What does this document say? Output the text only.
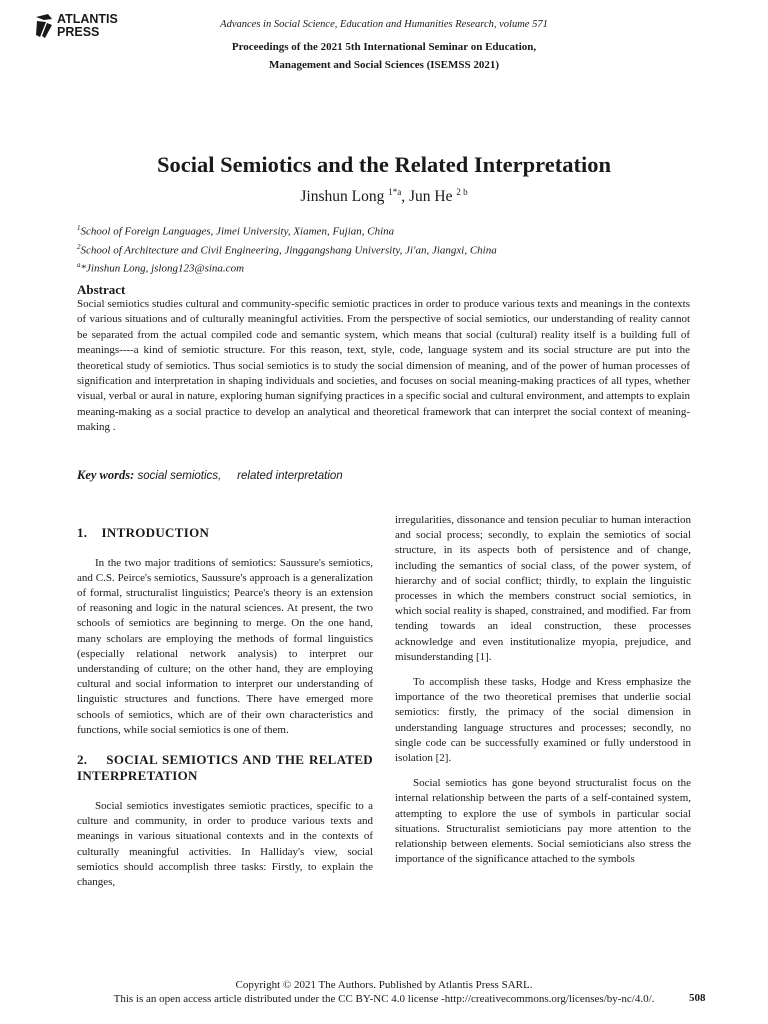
ATLANTIS
PRESS
Advances in Social Science, Education and Humanities Research, volume 571
Proceedings of the 2021 5th International Seminar on Education,
Management and Social Sciences (ISEMSS 2021)
Social Semiotics and the Related Interpretation
Jinshun Long $^{1*a}$, Jun He $^{2 b}$
$^1$School of Foreign Languages, Jimei University, Xiamen, Fujian, China
$^2$School of Architecture and Civil Engineering, Jinggangshang University, Ji'an, Jiangxi, China
$^a$*Jinshun Long, jslong123@sina.com
Abstract
Social semiotics studies cultural and community-specific semiotic practices in order to produce various texts and meanings in the contexts of various situations and of culturally meaningful activities. From the perspective of social semiotics, our understanding of reality cannot be separated from the actual compiled code and semantic system, which means that social (cultural) reality itself is a building full of meanings----a kind of semiotic structure. For this reason, text, style, code, language system and its social structure are put into the theoretical study of semiotics. Thus social semiotics is to study the social dimension of meaning, and of the power of human processes of signification and interpretation in shaping individuals and societies, and focuses on social meaning-making practices of all types, whether visual, verbal or aural in nature, exploring human signifying practices in a specific social and cultural environment, and attempts to explain meaning-making as a social practice to develop an analytical and theoretical framework that can interpret the social context of meaning-making .
Key words: social semiotics,     related interpretation
1.    INTRODUCTION

In the two major traditions of semiotics: Saussure's semiotics, and C.S. Peirce's semiotics, Saussure's approach is a generalization of formal, structuralist linguistics; Pearce's theory is an extension of reasoning and logic in the natural sciences. At present, the two schools of semiotics are beginning to merge. On the one hand, many scholars are employing the methods of formal linguistics (especially relational network analysis) to interpret our understanding of culture; on the other hand, they are employing cultural and social information to interpret our understanding of linguistic structures and functions. There have emerged more schools of semiotics, which are of their own characteristics and functions, while social semiotics is one of them.

2.    SOCIAL SEMIOTICS AND THE RELATED INTERPRETATION

Social semiotics investigates semiotic practices, specific to a culture and community, in order to produce various texts and meanings in various situational contexts and in the contexts of culturally meaningful activities. In Halliday's view, social semiotics should accomplish three tasks: Firstly, to explain the changes,

irregularities, dissonance and tension peculiar to human interaction and social process; secondly, to explain the semiotics of social structure, in its aspects both of persistence and of change, including the semantics of social class, of the power system, of hierarchy and of social conflict; thirdly, to explain the linguistic processes in which the members construct social semiotics, in which social reality is shaped, constrained, and modified. Far from tending towards an ideal construction, these processes acknowledge and even institutionalize myopia, prejudice, and misunderstanding [1].

To accomplish these tasks, Hodge and Kress emphasize the importance of the two theoretical premises that underlie social semiotics: firstly, the primacy of the social dimension in understanding language structures and processes; secondly, no single code can be successfully examined or fully understood in isolation [2].

Social semiotics has gone beyond structuralist focus on the internal relationship between the parts of a self-contained system, attempting to explore the use of symbols in particular social situations. Structuralist semioticians pay more attention to the relationship between elements. Social semioticians also stress the importance of the significance attached to the symbols

Copyright © 2021 The Authors. Published by Atlantis Press SARL.
This is an open access article distributed under the CC BY-NC 4.0 license -http://creativecommons.org/licenses/by-nc/4.0/.	508
